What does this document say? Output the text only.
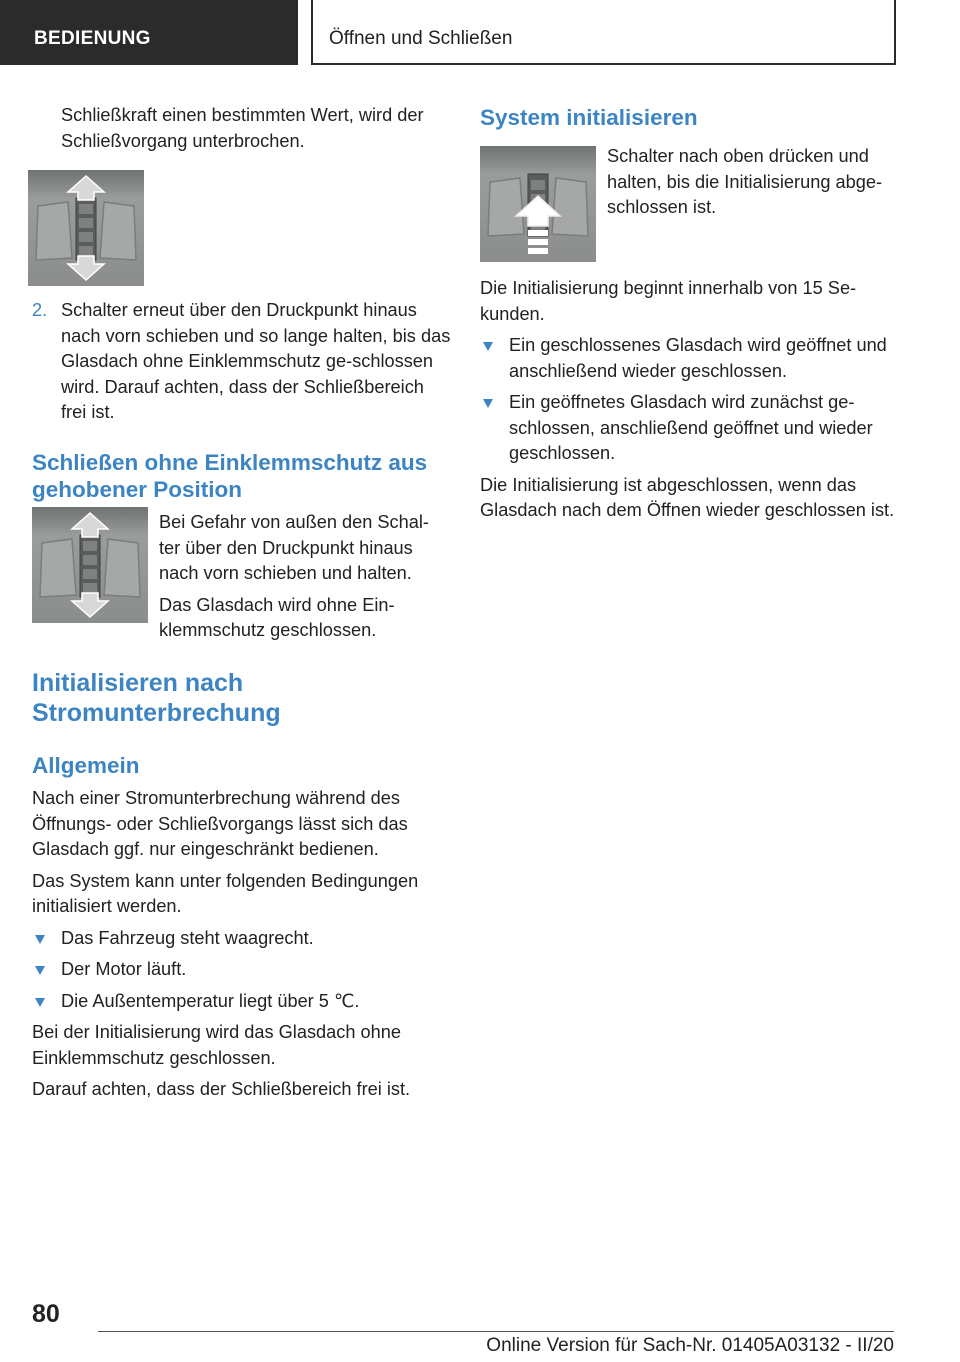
BEDIENUNG	Öffnen und Schließen

Schließkraft einen bestimmten Wert, wird der Schließvorgang unterbrochen.

2. Schalter erneut über den Druckpunkt hinaus nach vorn schieben und so lange halten, bis das Glasdach ohne Einklemmschutz ge-schlossen wird. Darauf achten, dass der Schließbereich frei ist.
Schließen ohne Einklemmschutz aus gehobener Position

Bei Gefahr von außen den Schal-ter über den Druckpunkt hinaus nach vorn schieben und halten.

Das Glasdach wird ohne Ein-klemmschutz geschlossen.

Initialisieren nach Stromunterbrechung
Allgemein

Nach einer Stromunterbrechung während des Öffnungs- oder Schließvorgangs lässt sich das Glasdach ggf. nur eingeschränkt bedienen.

Das System kann unter folgenden Bedingungen initialisiert werden.

Das Fahrzeug steht waagrecht.
Der Motor läuft.
Die Außentemperatur liegt über 5 ℃.

Bei der Initialisierung wird das Glasdach ohne Einklemmschutz geschlossen.

Darauf achten, dass der Schließbereich frei ist.

System initialisieren

Schalter nach oben drücken und halten, bis die Initialisierung abge-schlossen ist.

Die Initialisierung beginnt innerhalb von 15 Se-kunden.

Ein geschlossenes Glasdach wird geöffnet und anschließend wieder geschlossen.
Ein geöffnetes Glasdach wird zunächst ge-schlossen, anschließend geöffnet und wieder geschlossen.

Die Initialisierung ist abgeschlossen, wenn das Glasdach nach dem Öffnen wieder geschlossen ist.

80
Online Version für Sach-Nr. 01405A03132 - II/20
